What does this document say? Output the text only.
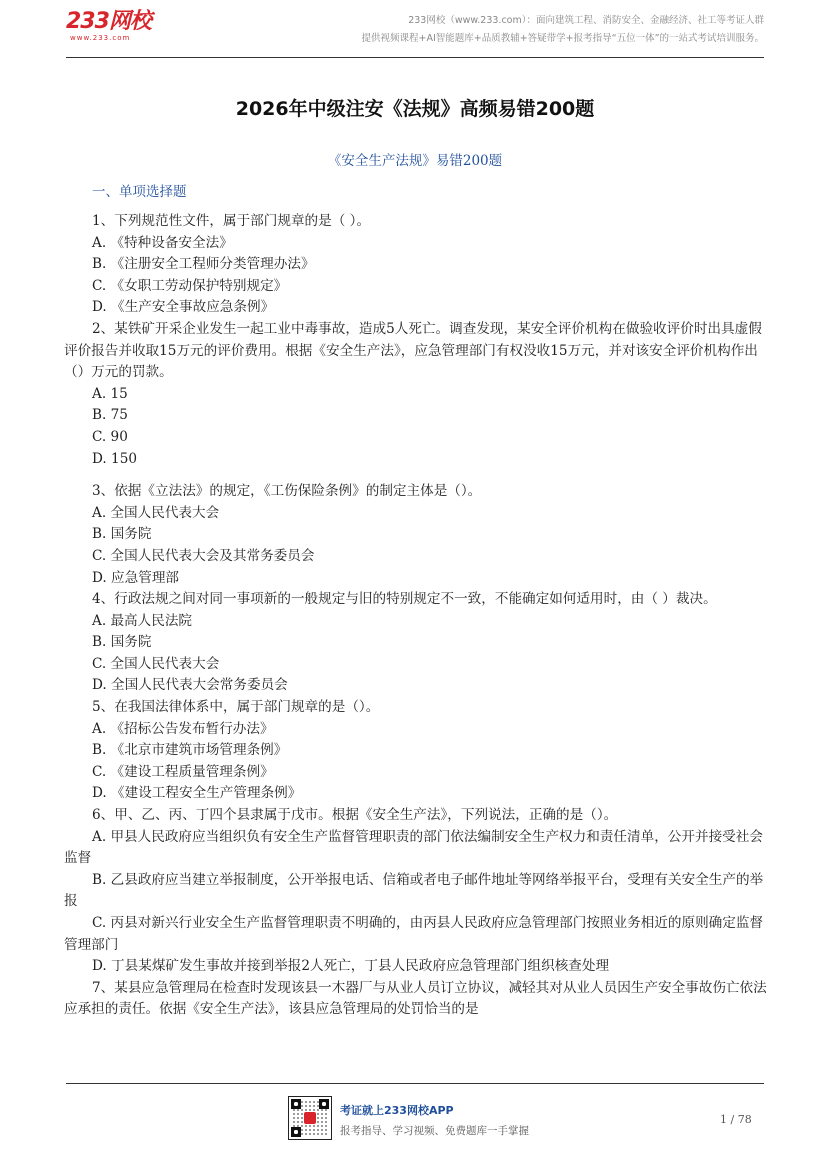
233网校
www.233.com
233网校（www.233.com）：面向建筑工程、消防安全、金融经济、社工等考证人群
提供视频课程+AI智能题库+品质教辅+答疑带学+报考指导“五位一体”的一站式考试培训服务。
2026年中级注安《法规》高频易错200题
《安全生产法规》易错200题
一、单项选择题
1、下列规范性文件，属于部门规章的是（ ）。
A. 《特种设备安全法》
B. 《注册安全工程师分类管理办法》
C. 《女职工劳动保护特别规定》
D. 《生产安全事故应急条例》
2、某铁矿开采企业发生一起工业中毒事故，造成5人死亡。调查发现，某安全评价机构在做验收评价时出具虚假评价报告并收取15万元的评价费用。根据《安全生产法》，应急管理部门有权没收15万元，并对该安全评价机构作出（）万元的罚款。
A. 15
B. 75
C. 90
D. 150
3、依据《立法法》的规定，《工伤保险条例》的制定主体是（）。
A. 全国人民代表大会
B. 国务院
C. 全国人民代表大会及其常务委员会
D. 应急管理部
4、行政法规之间对同一事项新的一般规定与旧的特别规定不一致，不能确定如何适用时，由（ ）裁决。
A. 最高人民法院
B. 国务院
C. 全国人民代表大会
D. 全国人民代表大会常务委员会
5、在我国法律体系中，属于部门规章的是（）。
A. 《招标公告发布暂行办法》
B. 《北京市建筑市场管理条例》
C. 《建设工程质量管理条例》
D. 《建设工程安全生产管理条例》
6、甲、乙、丙、丁四个县隶属于戊市。根据《安全生产法》，下列说法，正确的是（）。
A. 甲县人民政府应当组织负有安全生产监督管理职责的部门依法编制安全生产权力和责任清单，公开并接受社会监督
B. 乙县政府应当建立举报制度，公开举报电话、信箱或者电子邮件地址等网络举报平台，受理有关安全生产的举报
C. 丙县对新兴行业安全生产监督管理职责不明确的，由丙县人民政府应急管理部门按照业务相近的原则确定监督管理部门
D. 丁县某煤矿发生事故并接到举报2人死亡，丁县人民政府应急管理部门组织核查处理
7、某县应急管理局在检查时发现该县一木器厂与从业人员订立协议，减轻其对从业人员因生产安全事故伤亡依法应承担的责任。依据《安全生产法》，该县应急管理局的处罚恰当的是
考证就上233网校APP
报考指导、学习视频、免费题库一手掌握
1 / 78
